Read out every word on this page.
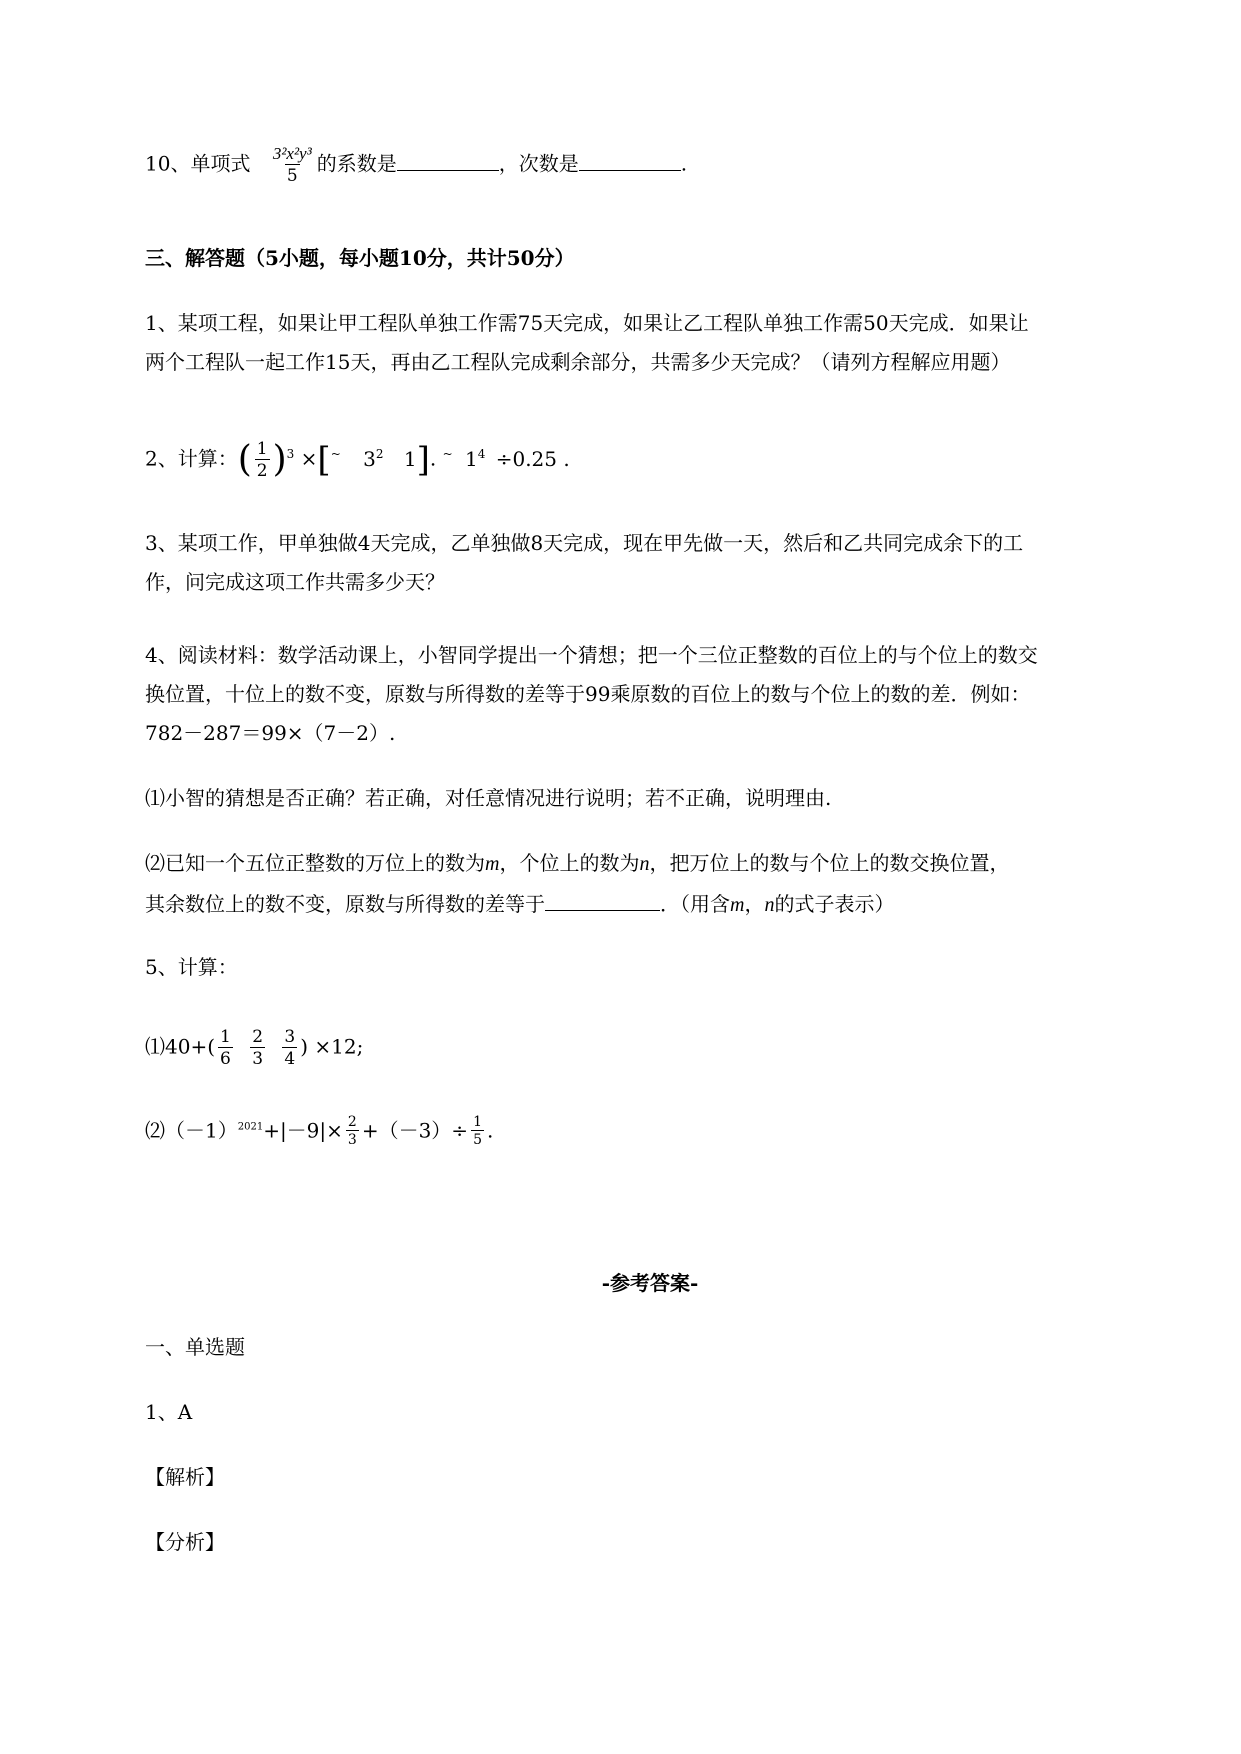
10、单项式 $\frac{\text{3²x²y³}}{5}$ 的系数是	，次数是	.
三、解答题（5小题，每小题10分，共计50分）
1、某项工程，如果让甲工程队单独工作需75天完成，如果让乙工程队单独工作需50天完成．如果让
两个工程队一起工作15天，再由乙工程队完成剩余部分，共需多少天完成？（请列方程解应用题）
2、计算：( $\frac{1}{2} )^3 \times[^\sim$ $3^2$ 1]. ~ $1^4 \div 0.25$ .
3、某项工作，甲单独做4天完成，乙单独做8天完成，现在甲先做一天，然后和乙共同完成余下的工
作，问完成这项工作共需多少天？
4、阅读材料：数学活动课上，小智同学提出一个猜想；把一个三位正整数的百位上的与个位上的数交
换位置，十位上的数不变，原数与所得数的差等于99乘原数的百位上的数与个位上的数的差．例如：
782－287＝99×（7－2）.
⑴小智的猜想是否正确？若正确，对任意情况进行说明；若不正确，说明理由.
⑵已知一个五位正整数的万位上的数为m，个位上的数为n，把万位上的数与个位上的数交换位置，
其余数位上的数不变，原数与所得数的差等于	．（用含m，n的式子表示）
5、计算：
⑴40+( $\frac{1}{6}$
$\frac{2}{3}$
$\frac{3}{4}$ ) ×12;
$⑵(-1)^{2021}+|-9|\times \frac{2}{3} +(-3)\div \frac{1}{5}$ .
-参考答案-
一、单选题
1、A
【解析】
【分析】
